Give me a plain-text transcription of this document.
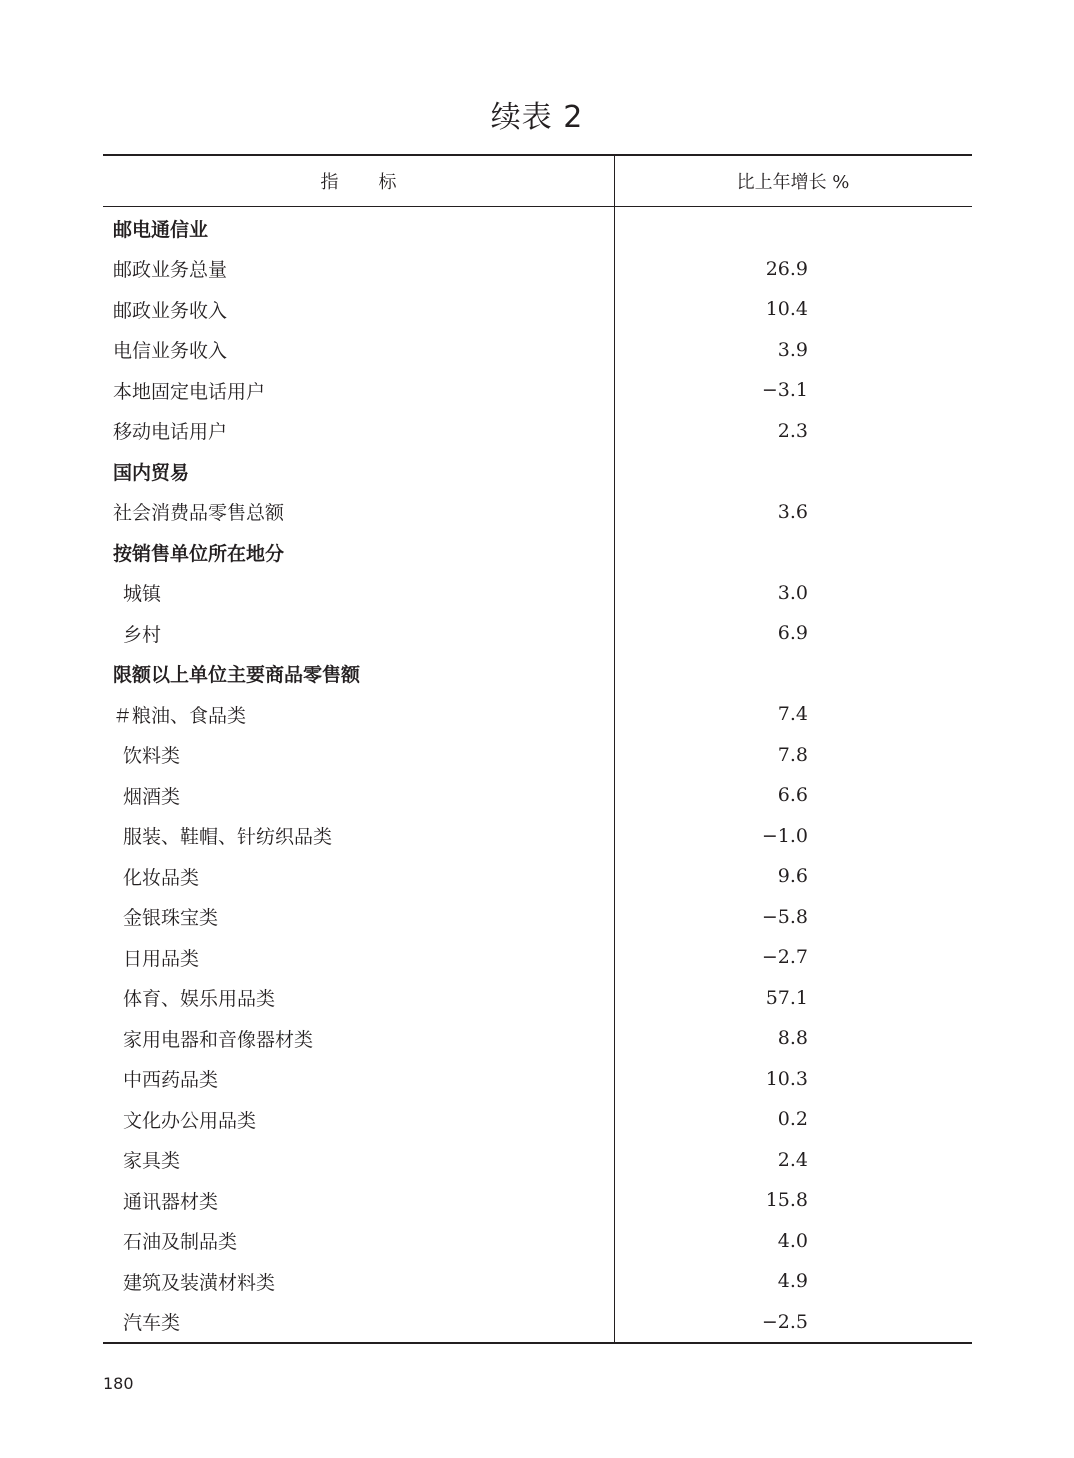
续表 2
指 标	比上年增长 %
邮电通信业
邮政业务总量	26.9
邮政业务收入	10.4
电信业务收入	3.9
本地固定电话用户	−3.1
移动电话用户	2.3
国内贸易
社会消费品零售总额	3.6
按销售单位所在地分
城镇	3.0
乡村	6.9
限额以上单位主要商品零售额
＃粮油、食品类	7.4
饮料类	7.8
烟酒类	6.6
服装、鞋帽、针纺织品类	−1.0
化妆品类	9.6
金银珠宝类	−5.8
日用品类	−2.7
体育、娱乐用品类	57.1
家用电器和音像器材类	8.8
中西药品类	10.3
文化办公用品类	0.2
家具类	2.4
通讯器材类	15.8
石油及制品类	4.0
建筑及装潢材料类	4.9
汽车类	−2.5
180
